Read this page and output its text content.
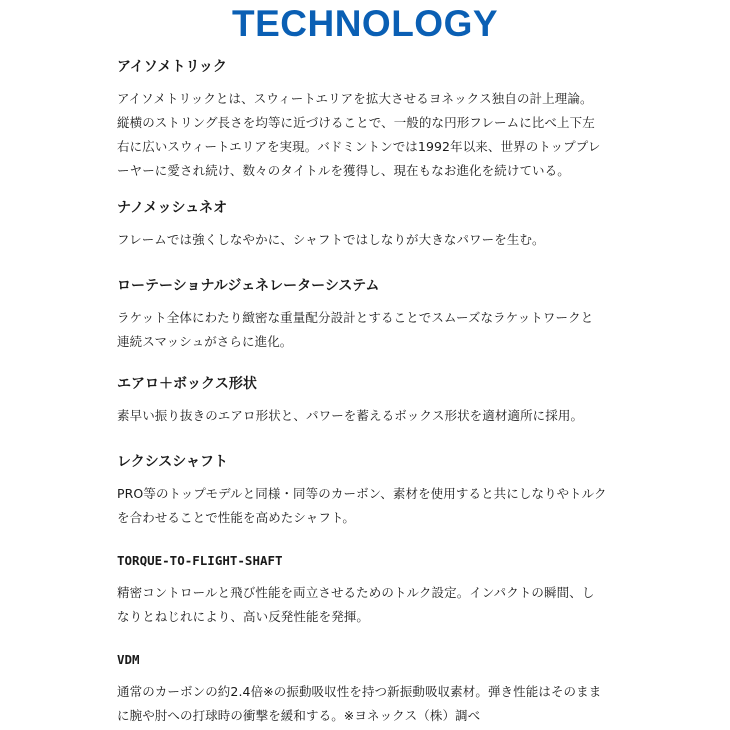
TECHNOLOGY
アイソメトリック
アイソメトリックとは、スウィートエリアを拡大させるヨネックス独自の計上理論。
縦横のストリング長さを均等に近づけることで、一般的な円形フレームに比べ上下左
右に広いスウィートエリアを実現。バドミントンでは1992年以来、世界のトッププレ
ーヤーに愛され続け、数々のタイトルを獲得し、現在もなお進化を続けている。
ナノメッシュネオ
フレームでは強くしなやかに、シャフトではしなりが大きなパワーを生む。
ローテーショナルジェネレーターシステム
ラケット全体にわたり緻密な重量配分設計とすることでスムーズなラケットワークと
連続スマッシュがさらに進化。
エアロ＋ボックス形状
素早い振り抜きのエアロ形状と、パワーを蓄えるボックス形状を適材適所に採用。
レクシスシャフト
PRO等のトップモデルと同様・同等のカーボン、素材を使用すると共にしなりやトルク
を合わせることで性能を高めたシャフト。
TORQUE-TO-FLIGHT-SHAFT
精密コントロールと飛び性能を両立させるためのトルク設定。インパクトの瞬間、し
なりとねじれにより、高い反発性能を発揮。
VDM
通常のカーボンの約2.4倍※の振動吸収性を持つ新振動吸収素材。弾き性能はそのまま
に腕や肘への打球時の衝撃を緩和する。※ヨネックス（株）調べ
